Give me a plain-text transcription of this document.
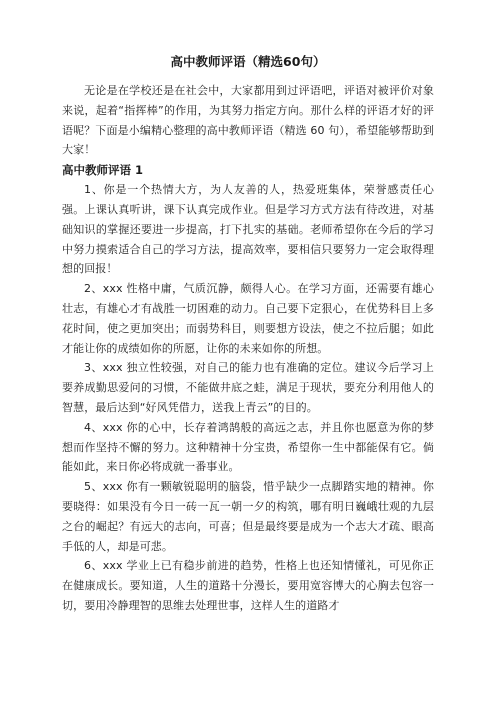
高中教师评语（精选60句）

无论是在学校还是在社会中，大家都用到过评语吧，评语对被评价对象来说，起着“指挥棒”的作用，为其努力指定方向。那什么样的评语才好的评语呢？下面是小编精心整理的高中教师评语（精选 60 句），希望能够帮助到大家！

高中教师评语 1

1、你是一个热情大方，为人友善的人，热爱班集体，荣誉感责任心强。上课认真听讲，课下认真完成作业。但是学习方式方法有待改进，对基础知识的掌握还要进一步提高，打下扎实的基础。老师希望你在今后的学习中努力摸索适合自己的学习方法，提高效率，要相信只要努力一定会取得理想的回报！

2、xxx 性格中庸，气质沉静，颇得人心。在学习方面，还需要有雄心壮志，有雄心才有战胜一切困难的动力。自己要下定狠心，在优势科目上多花时间，使之更加突出；而弱势科目，则要想方设法，使之不拉后腿；如此才能让你的成绩如你的所愿，让你的未来如你的所想。

3、xxx 独立性较强，对自己的能力也有准确的定位。建议今后学习上要养成勤思爱问的习惯，不能做井底之蛙，满足于现状，要充分利用他人的智慧，最后达到“好风凭借力，送我上青云”的目的。

4、xxx 你的心中，长存着鸿鹄般的高远之志，并且你也愿意为你的梦想而作坚持不懈的努力。这种精神十分宝贵，希望你一生中都能保有它。倘能如此，来日你必将成就一番事业。

5、xxx 你有一颗敏锐聪明的脑袋，惜乎缺少一点脚踏实地的精神。你要晓得：如果没有今日一砖一瓦一朝一夕的构筑，哪有明日巍峨壮观的九层之台的崛起？有远大的志向，可喜；但是最终要是成为一个志大才疏、眼高手低的人，却是可悲。

6、xxx 学业上已有稳步前进的趋势，性格上也还知情懂礼，可见你正在健康成长。要知道，人生的道路十分漫长，要用宽容博大的心胸去包容一切，要用冷静理智的思维去处理世事，这样人生的道路才
